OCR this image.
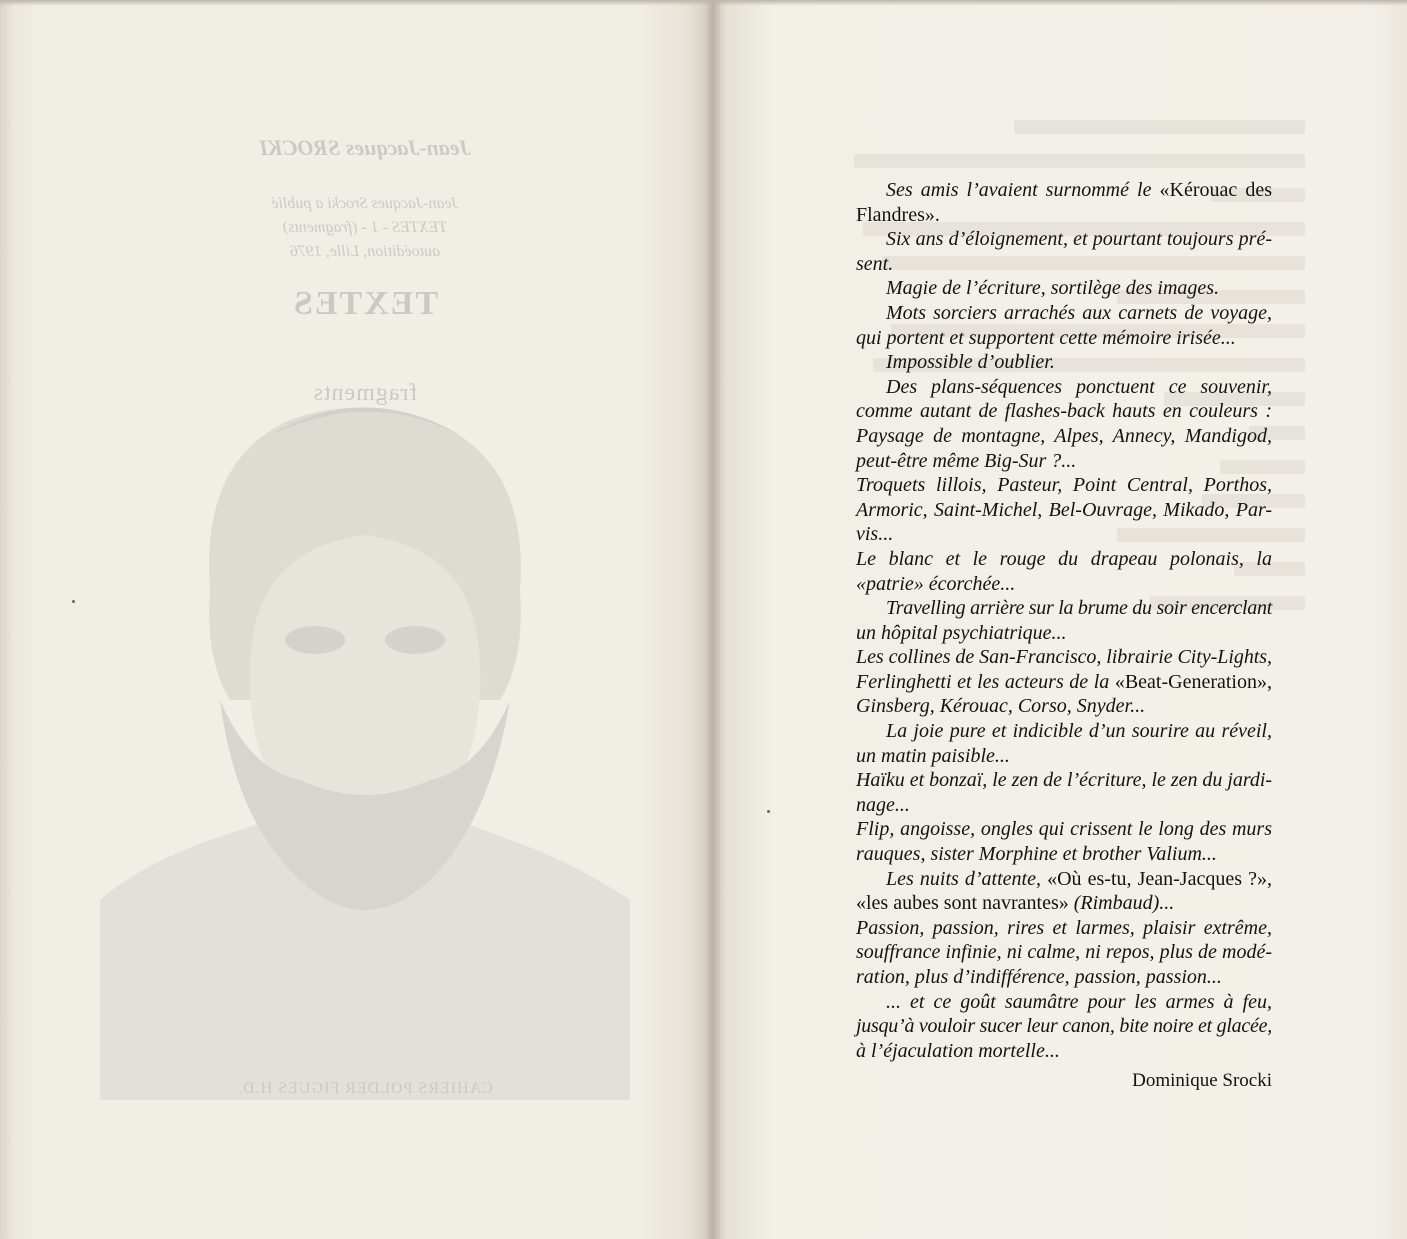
Jean-Jacques SROCKI
Jean-Jacques Srocki a publié
TEXTES - 1 - (fragments)
autoédition, Lille, 1976
TEXTES
fragments
CAHIERS POLDER FIGUES H.D.
Ses amis l’avaient surnommé le «Kérouac des
Flandres».
Six ans d’éloignement, et pourtant toujours pré-
sent.
Magie de l’écriture, sortilège des images.
Mots sorciers arrachés aux carnets de voyage,
qui portent et supportent cette mémoire irisée...
Impossible d’oublier.
Des plans-séquences ponctuent ce souvenir,
comme autant de flashes-back hauts en couleurs :
Paysage de montagne, Alpes, Annecy, Mandigod,
peut-être même Big-Sur ?...
Troquets lillois, Pasteur, Point Central, Porthos,
Armoric, Saint-Michel, Bel-Ouvrage, Mikado, Par-
vis...
Le blanc et le rouge du drapeau polonais, la
«patrie» écorchée...
Travelling arrière sur la brume du soir encerclant
un hôpital psychiatrique...
Les collines de San-Francisco, librairie City-Lights,
Ferlinghetti et les acteurs de la «Beat-Generation»,
Ginsberg, Kérouac, Corso, Snyder...
La joie pure et indicible d’un sourire au réveil,
un matin paisible...
Haïku et bonzaï, le zen de l’écriture, le zen du jardi-
nage...
Flip, angoisse, ongles qui crissent le long des murs
rauques, sister Morphine et brother Valium...
Les nuits d’attente, «Où es-tu, Jean-Jacques ?»,
«les aubes sont navrantes» (Rimbaud)...
Passion, passion, rires et larmes, plaisir extrême,
souffrance infinie, ni calme, ni repos, plus de modé-
ration, plus d’indifférence, passion, passion...
... et ce goût saumâtre pour les armes à feu,
jusqu’à vouloir sucer leur canon, bite noire et glacée,
à l’éjaculation mortelle...
Dominique Srocki
